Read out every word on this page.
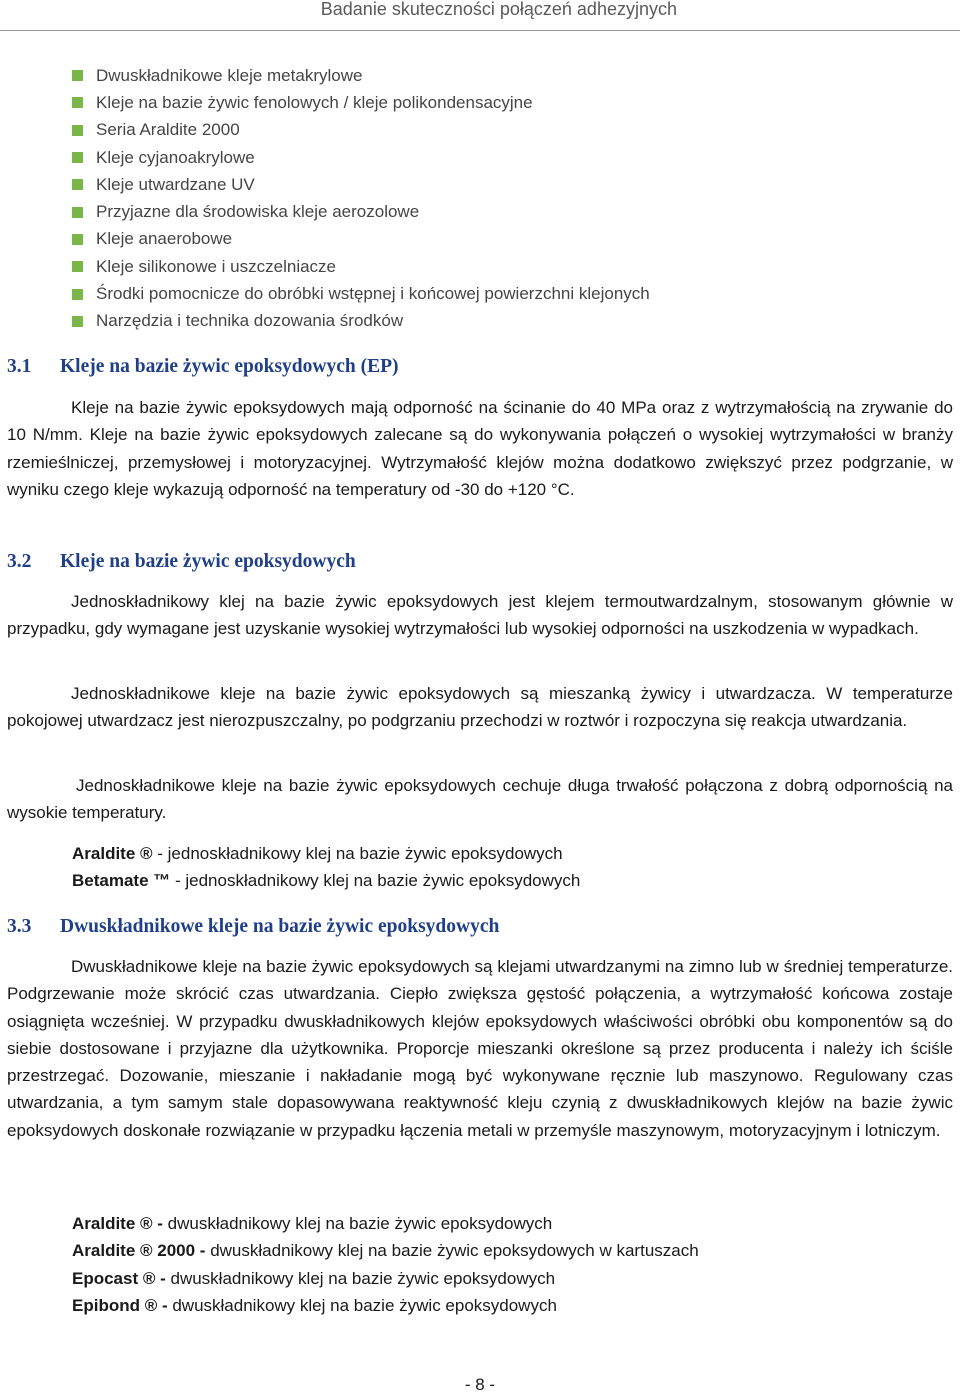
Badanie skuteczności połączeń adhezyjnych
Dwuskładnikowe kleje metakrylowe
Kleje na bazie żywic fenolowych / kleje polikondensacyjne
Seria Araldite 2000
Kleje cyjanoakrylowe
Kleje utwardzane UV
Przyjazne dla środowiska kleje aerozolowe
Kleje anaerobowe
Kleje silikonowe i uszczelniacze
Środki pomocnicze do obróbki wstępnej i końcowej powierzchni klejonych
Narzędzia i technika dozowania środków
3.1 Kleje na bazie żywic epoksydowych (EP)
Kleje na bazie żywic epoksydowych mają odporność na ścinanie do 40 MPa oraz z wytrzymałością na zrywanie do 10 N/mm. Kleje na bazie żywic epoksydowych zalecane są do wykonywania połączeń o wysokiej wytrzymałości w branży rzemieślniczej, przemysłowej i motoryzacyjnej. Wytrzymałość klejów można dodatkowo zwiększyć przez podgrzanie, w wyniku czego kleje wykazują odporność na temperatury od -30 do +120 °C.
3.2 Kleje na bazie żywic epoksydowych
Jednoskładnikowy klej na bazie żywic epoksydowych jest klejem termoutwardzalnym, stosowanym głównie w przypadku, gdy wymagane jest uzyskanie wysokiej wytrzymałości lub wysokiej odporności na uszkodzenia w wypadkach.
Jednoskładnikowe kleje na bazie żywic epoksydowych są mieszanką żywicy i utwardzacza. W temperaturze pokojowej utwardzacz jest nierozpuszczalny, po podgrzaniu przechodzi w roztwór i rozpoczyna się reakcja utwardzania.
Jednoskładnikowe kleje na bazie żywic epoksydowych cechuje długa trwałość połączona z dobrą odpornością na wysokie temperatury.
Araldite ® - jednoskładnikowy klej na bazie żywic epoksydowych
Betamate ™ - jednoskładnikowy klej na bazie żywic epoksydowych
3.3 Dwuskładnikowe kleje na bazie żywic epoksydowych
Dwuskładnikowe kleje na bazie żywic epoksydowych są klejami utwardzanymi na zimno lub w średniej temperaturze. Podgrzewanie może skrócić czas utwardzania. Ciepło zwiększa gęstość połączenia, a wytrzymałość końcowa zostaje osiągnięta wcześniej. W przypadku dwuskładnikowych klejów epoksydowych właściwości obróbki obu komponentów są do siebie dostosowane i przyjazne dla użytkownika. Proporcje mieszanki określone są przez producenta i należy ich ściśle przestrzegać. Dozowanie, mieszanie i nakładanie mogą być wykonywane ręcznie lub maszynowo. Regulowany czas utwardzania, a tym samym stale dopasowywana reaktywność kleju czynią z dwuskładnikowych klejów na bazie żywic epoksydowych doskonałe rozwiązanie w przypadku łączenia metali w przemyśle maszynowym, motoryzacyjnym i lotniczym.
Araldite ® - dwuskładnikowy klej na bazie żywic epoksydowych
Araldite ® 2000 - dwuskładnikowy klej na bazie żywic epoksydowych w kartuszach
Epocast ® - dwuskładnikowy klej na bazie żywic epoksydowych
Epibond ® - dwuskładnikowy klej na bazie żywic epoksydowych
- 8 -
